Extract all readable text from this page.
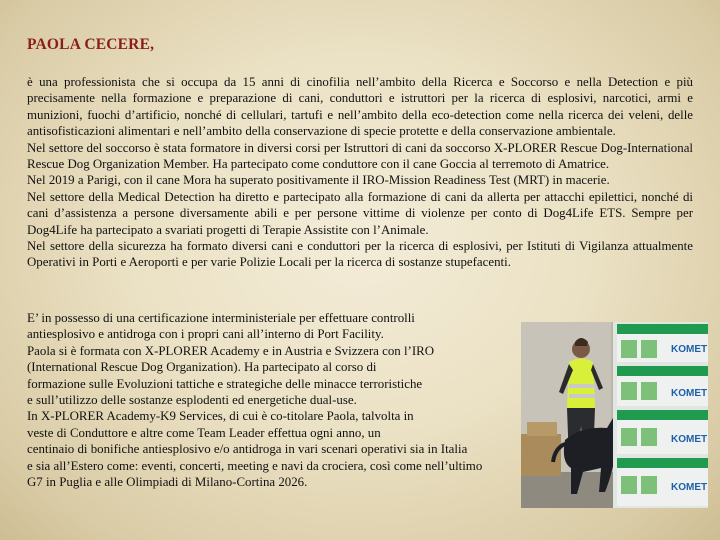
PAOLA CECERE,

è una professionista che si occupa da 15 anni di cinofilia nell’ambito della Ricerca e Soccorso e nella Detection e più precisamente nella formazione e preparazione di cani, conduttori e istruttori per la ricerca di esplosivi, narcotici, armi e munizioni, fuochi d’artificio, nonché di cellulari, tartufi e nell’ambito della eco-detection come nella ricerca dei veleni, delle antisofisticazioni alimentari e nell’ambito della conservazione di specie protette e della conservazione ambientale.

Nel settore del soccorso è stata formatore in diversi corsi per Istruttori di cani da soccorso X-PLORER Rescue Dog-International Rescue Dog Organization Member. Ha partecipato come conduttore con il cane Goccia al terremoto di Amatrice.

Nel 2019 a Parigi, con il cane Mora ha superato positivamente il IRO-Mission Readiness Test (MRT) in macerie.

Nel settore della Medical Detection ha diretto e partecipato alla formazione di cani da allerta per attacchi epilettici, nonché di cani d’assistenza a persone diversamente abili e per persone vittime di violenze per conto di Dog4Life ETS. Sempre per Dog4Life ha partecipato a svariati progetti di Terapie Assistite con l’Animale.

Nel settore della sicurezza ha formato diversi cani e conduttori per la ricerca di esplosivi, per Istituti di Vigilanza attualmente Operativi in Porti e Aeroporti e per varie Polizie Locali per la ricerca di sostanze stupefacenti.

E’ in possesso di una certificazione interministeriale per effettuare controlli

antiesplosivo e antidroga con i propri cani all’interno di Port Facility.

Paola si è formata con X-PLORER Academy e in Austria e Svizzera con l’IRO

(International Rescue Dog Organization). Ha partecipato al corso di

formazione sulle Evoluzioni tattiche e strategiche delle minacce terroristiche

e sull’utilizzo delle sostanze esplodenti ed energetiche dual-use.

In X-PLORER Academy-K9 Services, di cui è co-titolare Paola, talvolta in

veste di Conduttore e altre come Team Leader effettua ogni anno, un

centinaio di bonifiche antiesplosivo e/o antidroga in vari scenari operativi sia in Italia

e sia all’Estero come: eventi, concerti, meeting e navi da crociera, così come nell’ultimo

G7 in Puglia e alle Olimpiadi di Milano-Cortina 2026.

KOMET
KOMET
KOMET
KOMET
